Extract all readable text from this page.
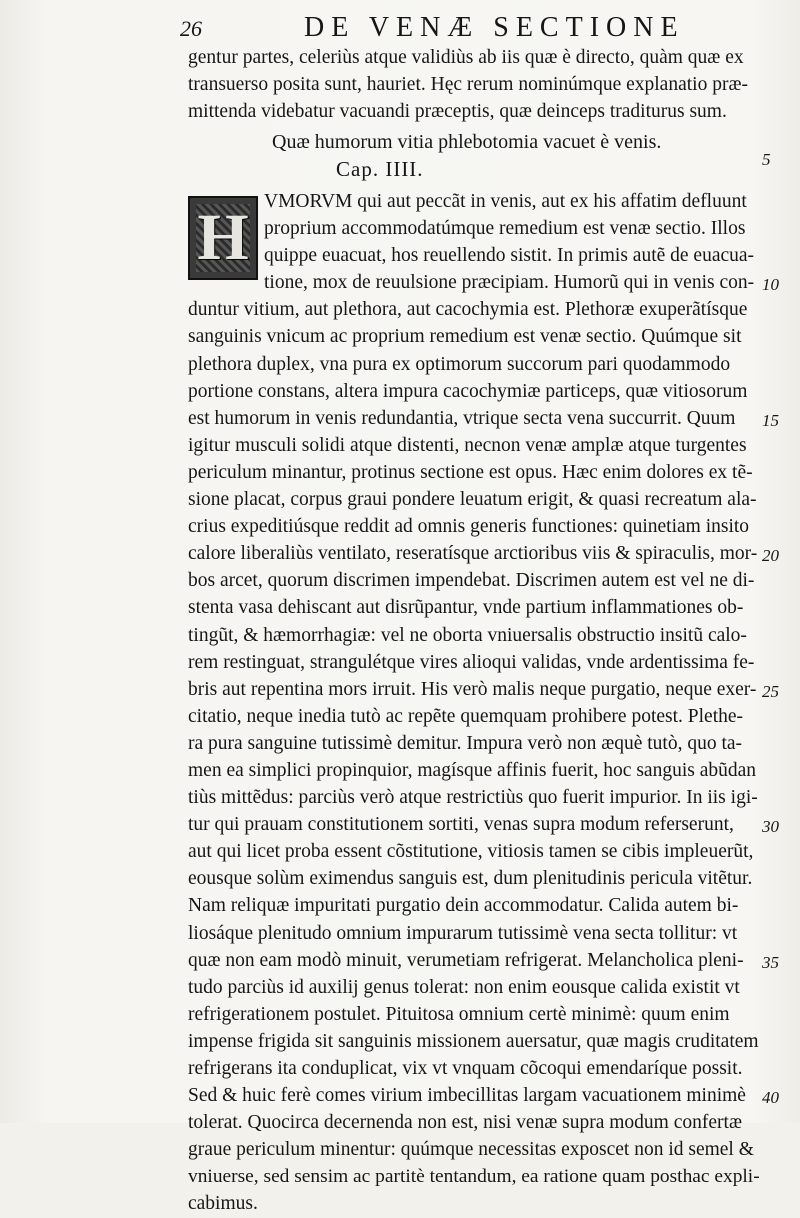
26	DE VENÆ SECTIONE
gentur partes, celeriùs atque validiùs ab iis quæ è directo, quàm quæ ex
transuerso posita sunt, hauriet. Hęc rerum nominúmque explanatio præ-
mittenda videbatur vacuandi præceptis, quæ deinceps traditurus sum.
Quæ humorum vitia phlebotomia vacuet è venis.
Cap. IIII.
H VMORVM qui aut peccãt in venis, aut ex his affatim defluunt
proprium accommodatúmque remedium est venæ sectio. Illos
quippe euacuat, hos reuellendo sistit. In primis autẽ de euacua-
tione, mox de reuulsione præcipiam. Humorũ qui in venis con-
duntur vitium, aut plethora, aut cacochymia est. Plethoræ exuperãtísque
sanguinis vnicum ac proprium remedium est venæ sectio. Quúmque sit
plethora duplex, vna pura ex optimorum succorum pari quodammodo
portione constans, altera impura cacochymiæ particeps, quæ vitiosorum
est humorum in venis redundantia, vtrique secta vena succurrit. Quum
igitur musculi solidi atque distenti, necnon venæ amplæ atque turgentes
periculum minantur, protinus sectione est opus. Hæc enim dolores ex tẽ-
sione placat, corpus graui pondere leuatum erigit, & quasi recreatum ala-
crius expeditiúsque reddit ad omnis generis functiones: quinetiam insito
calore liberaliùs ventilato, reseratísque arctioribus viis & spiraculis, mor-
bos arcet, quorum discrimen impendebat. Discrimen autem est vel ne di-
stenta vasa dehiscant aut disrũpantur, vnde partium inflammationes ob-
tingũt, & hæmorrhagiæ: vel ne oborta vniuersalis obstructio insitũ calo-
rem restinguat, strangulétque vires alioqui validas, vnde ardentissima fe-
bris aut repentina mors irruit. His verò malis neque purgatio, neque exer-
citatio, neque inedia tutò ac repẽte quemquam prohibere potest. Plethe-
ra pura sanguine tutissimè demitur. Impura verò non æquè tutò, quo ta-
men ea simplici propinquior, magísque affinis fuerit, hoc sanguis abũdan
tiùs mittẽdus: parciùs verò atque restrictiùs quo fuerit impurior. In iis igi-
tur qui prauam constitutionem sortiti, venas supra modum referserunt,
aut qui licet proba essent cõstitutione, vitiosis tamen se cibis impleuerũt,
eousque solùm eximendus sanguis est, dum plenitudinis pericula vitẽtur.
Nam reliquæ impuritati purgatio dein accommodatur. Calida autem bi-
liosáque plenitudo omnium impurarum tutissimè vena secta tollitur: vt
quæ non eam modò minuit, verumetiam refrigerat. Melancholica pleni-
tudo parciùs id auxilij genus tolerat: non enim eousque calida existit vt
refrigerationem postulet. Pituitosa omnium certè minimè: quum enim
impense frigida sit sanguinis missionem auersatur, quæ magis cruditatem
refrigerans ita conduplicat, vix vt vnquam cõcoqui emendaríque possit.
Sed & huic ferè comes virium imbecillitas largam vacuationem minimè
tolerat. Quocirca decernenda non est, nisi venæ supra modum confertæ
graue periculum minentur: quúmque necessitas exposcet non id semel &
vniuerse, sed sensim ac partitè tentandum, ea ratione quam posthac expli-
cabimus.
5
10
15
20
25
30
35
40
